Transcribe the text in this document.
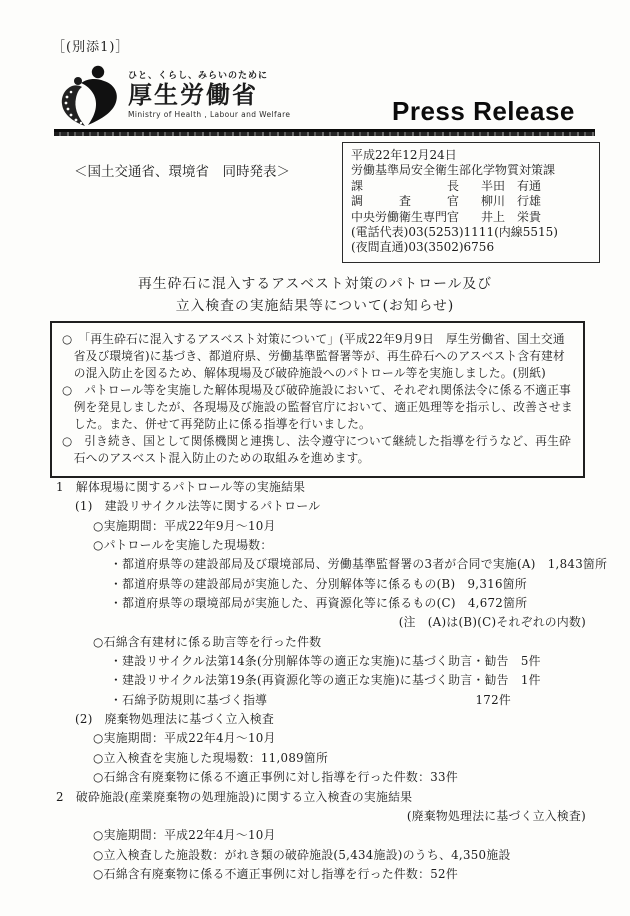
［(別添1)］
ひと、くらし、みらいのために
厚生労働省
Ministry of Health , Labour and Welfare	Press Release
平成22年12月24日
労働基準局安全衛生部化学物質対策課
課長 半田　有通
調査官 柳川　行雄
中央労働衛生専門官 井上　栄貴
(電話代表)03(5253)1111(内線5515)
(夜間直通)03(3502)6756
＜国土交通省、環境省　同時発表＞
再生砕石に混入するアスベスト対策のパトロール及び
立入検査の実施結果等について(お知らせ)
○　「再生砕石に混入するアスベスト対策について」(平成22年9月9日　厚生労働省、国土交通省及び環境省)に基づき、都道府県、労働基準監督署等が、再生砕石へのアスベスト含有建材の混入防止を図るため、解体現場及び破砕施設へのパトロール等を実施しました。(別紙)
○　パトロール等を実施した解体現場及び破砕施設において、それぞれ関係法令に係る不適正事例を発見しましたが、各現場及び施設の監督官庁において、適正処理等を指示し、改善させました。また、併せて再発防止に係る指導を行いました。
○　引き続き、国として関係機関と連携し、法令遵守について継続した指導を行うなど、再生砕石へのアスベスト混入防止のための取組みを進めます。
1　解体現場に関するパトロール等の実施結果
(1)　建設リサイクル法等に関するパトロール
○実施期間：平成22年9月～10月
○パトロールを実施した現場数：
・都道府県等の建設部局及び環境部局、労働基準監督署の3者が合同で実施(A)　1,843箇所
・都道府県等の建設部局が実施した、分別解体等に係るもの(B)　9,316箇所
・都道府県等の環境部局が実施した、再資源化等に係るもの(C)　4,672箇所
(注　(A)は(B)(C)それぞれの内数)
○石綿含有建材に係る助言等を行った件数
・建設リサイクル法第14条(分別解体等の適正な実施)に基づく助言・勧告　5件
・建設リサイクル法第19条(再資源化等の適正な実施)に基づく助言・勧告　1件
・石綿予防規則に基づく指導	172件
(2)　廃棄物処理法に基づく立入検査
○実施期間：平成22年4月～10月
○立入検査を実施した現場数：11,089箇所
○石綿含有廃棄物に係る不適正事例に対し指導を行った件数：33件
2　破砕施設(産業廃棄物の処理施設)に関する立入検査の実施結果
(廃棄物処理法に基づく立入検査)
○実施期間：平成22年4月～10月
○立入検査した施設数：がれき類の破砕施設(5,434施設)のうち、4,350施設
○石綿含有廃棄物に係る不適正事例に対し指導を行った件数：52件
